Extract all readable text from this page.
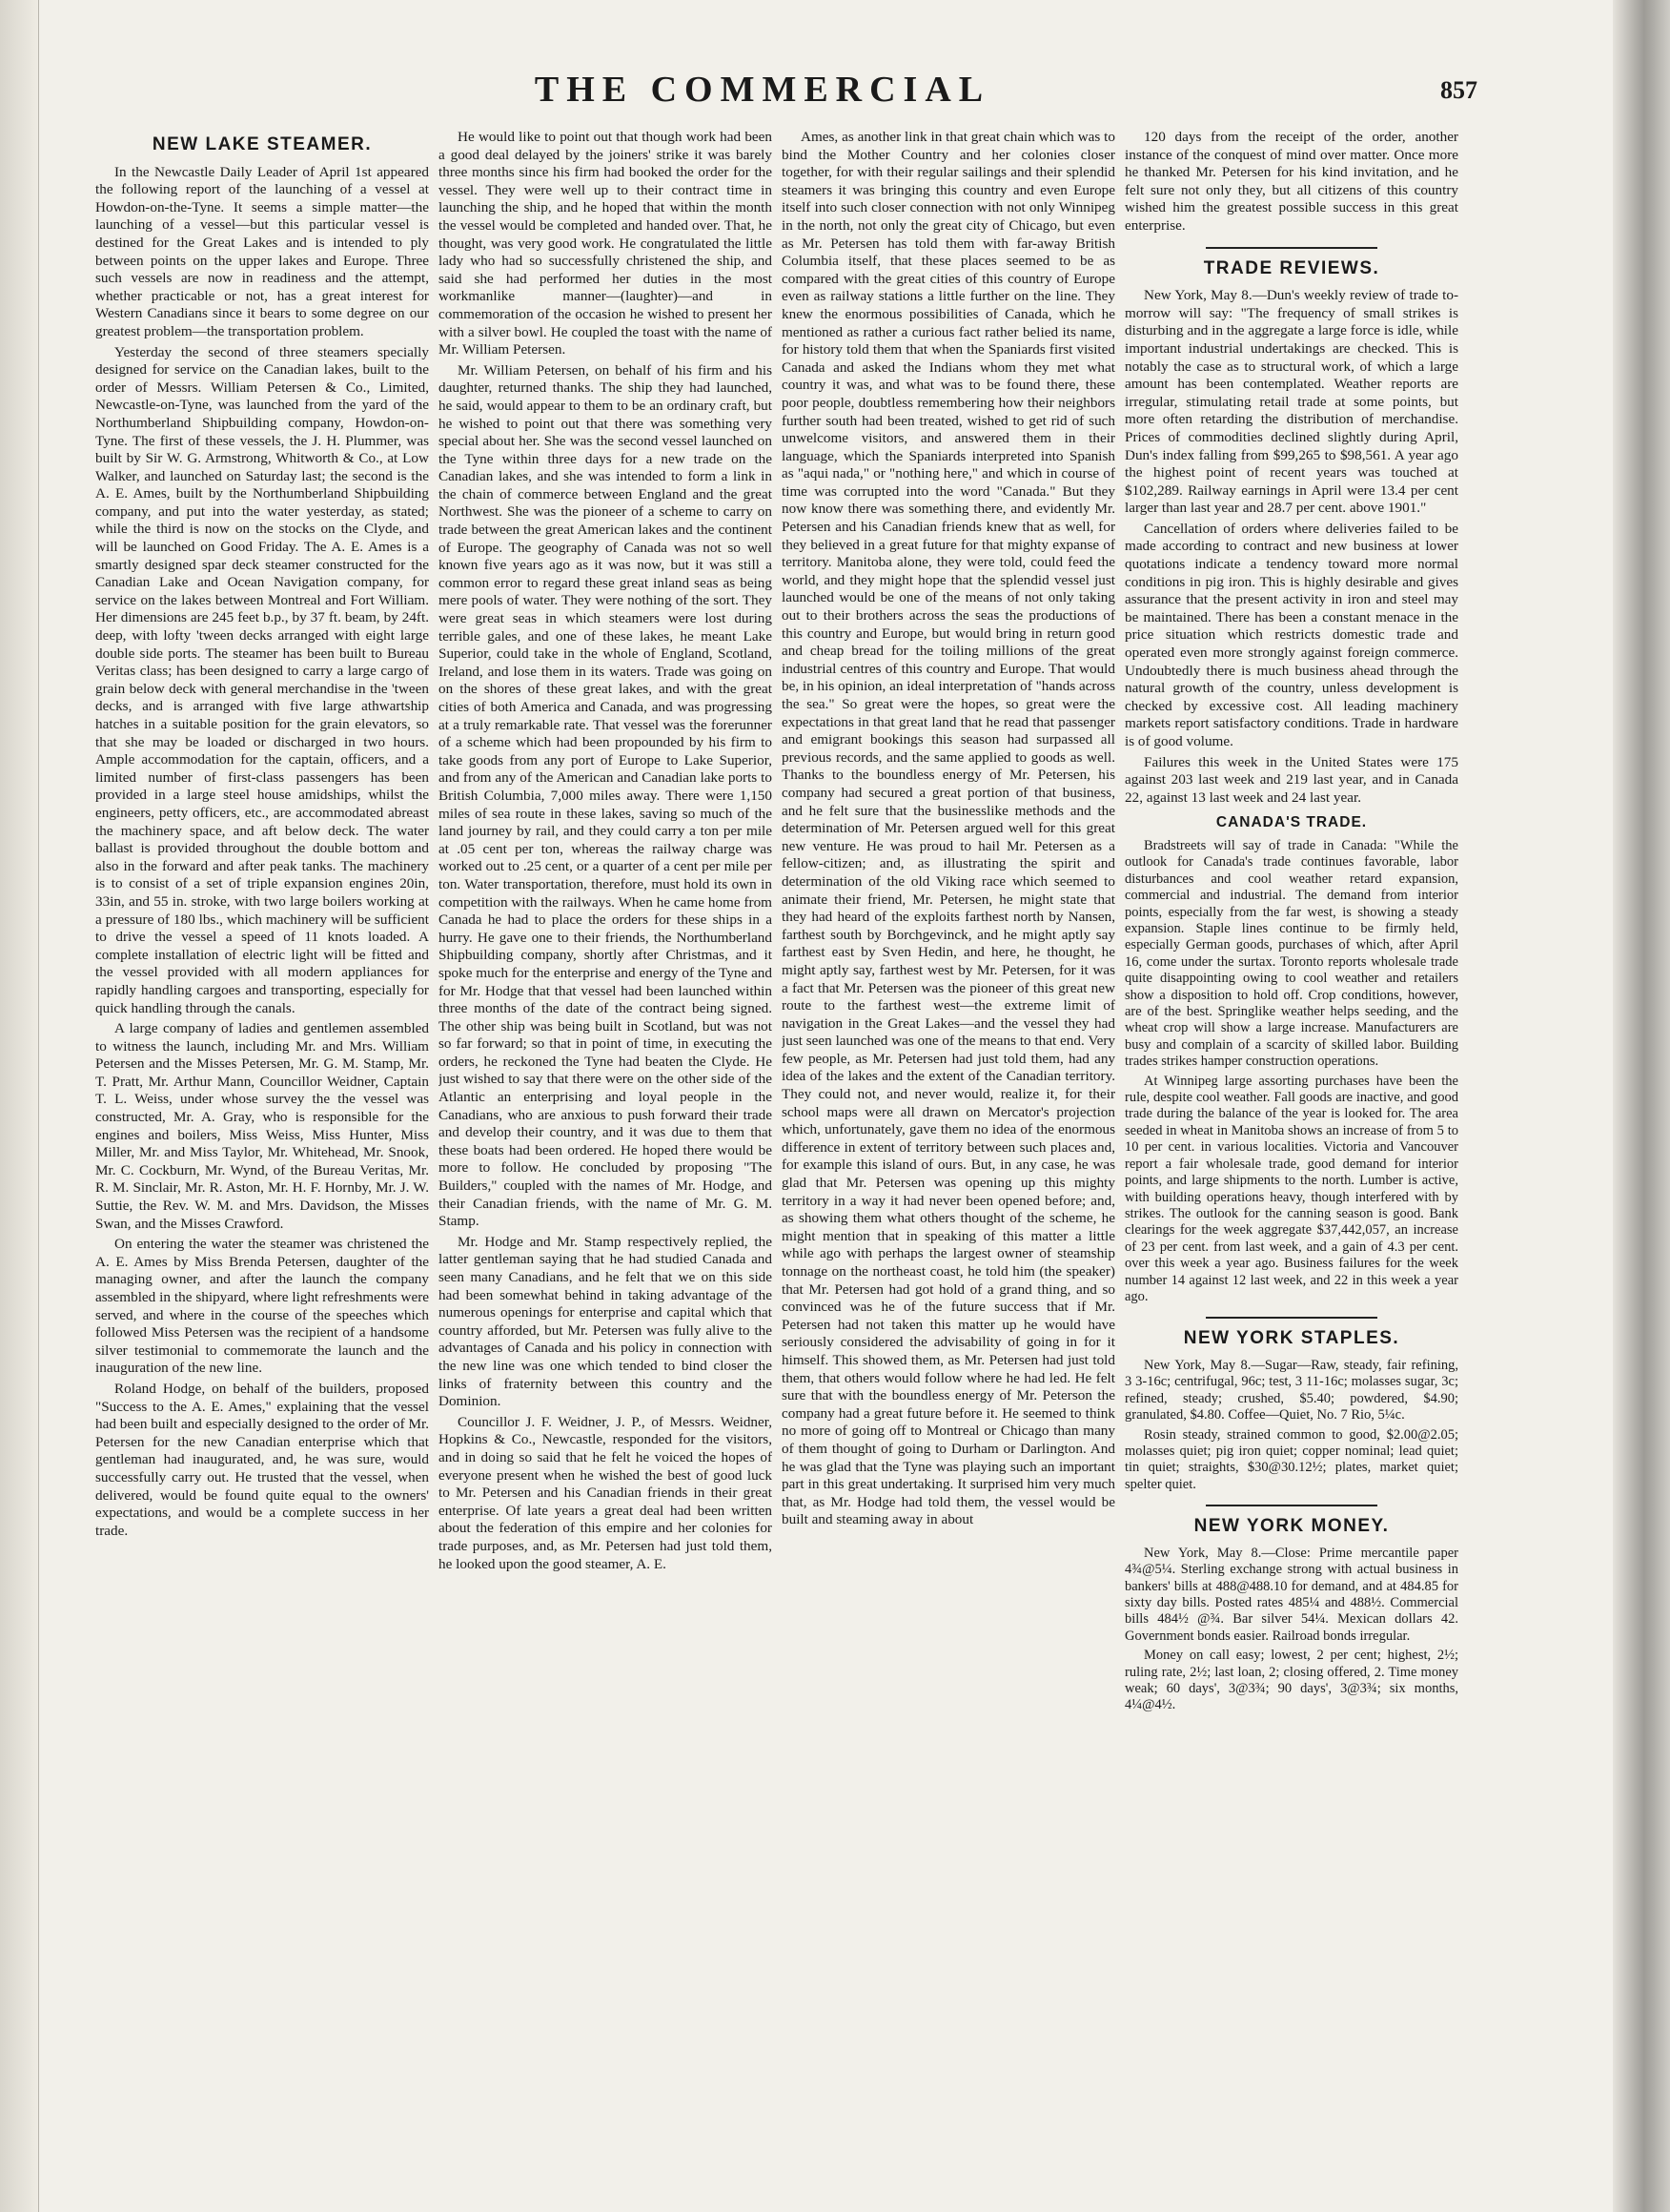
THE COMMERCIAL	857
NEW LAKE STEAMER.

In the Newcastle Daily Leader of April 1st appeared the following report of the launching of a vessel at Howdon-on-the-Tyne. It seems a simple matter—the launching of a vessel—but this particular vessel is destined for the Great Lakes and is intended to ply between points on the upper lakes and Europe. Three such vessels are now in readiness and the attempt, whether practicable or not, has a great interest for Western Canadians since it bears to some degree on our greatest problem—the transportation problem.

Yesterday the second of three steamers specially designed for service on the Canadian lakes, built to the order of Messrs. William Petersen & Co., Limited, Newcastle-on-Tyne, was launched from the yard of the Northumberland Shipbuilding company, Howdon-on-Tyne. The first of these vessels, the J. H. Plummer, was built by Sir W. G. Armstrong, Whitworth & Co., at Low Walker, and launched on Saturday last; the second is the A. E. Ames, built by the Northumberland Shipbuilding company, and put into the water yesterday, as stated; while the third is now on the stocks on the Clyde, and will be launched on Good Friday. The A. E. Ames is a smartly designed spar deck steamer constructed for the Canadian Lake and Ocean Navigation company, for service on the lakes between Montreal and Fort William. Her dimensions are 245 feet b.p., by 37 ft. beam, by 24ft. deep, with lofty 'tween decks arranged with eight large double side ports. The steamer has been built to Bureau Veritas class; has been designed to carry a large cargo of grain below deck with general merchandise in the 'tween decks, and is arranged with five large athwartship hatches in a suitable position for the grain elevators, so that she may be loaded or discharged in two hours. Ample accommodation for the captain, officers, and a limited number of first-class passengers has been provided in a large steel house amidships, whilst the engineers, petty officers, etc., are accommodated abreast the machinery space, and aft below deck. The water ballast is provided throughout the double bottom and also in the forward and after peak tanks. The machinery is to consist of a set of triple expansion engines 20in, 33in, and 55 in. stroke, with two large boilers working at a pressure of 180 lbs., which machinery will be sufficient to drive the vessel a speed of 11 knots loaded. A complete installation of electric light will be fitted and the vessel provided with all modern appliances for rapidly handling cargoes and transporting, especially for quick handling through the canals.

A large company of ladies and gentlemen assembled to witness the launch, including Mr. and Mrs. William Petersen and the Misses Petersen, Mr. G. M. Stamp, Mr. T. Pratt, Mr. Arthur Mann, Councillor Weidner, Captain T. L. Weiss, under whose survey the the vessel was constructed, Mr. A. Gray, who is responsible for the engines and boilers, Miss Weiss, Miss Hunter, Miss Miller, Mr. and Miss Taylor, Mr. Whitehead, Mr. Snook, Mr. C. Cockburn, Mr. Wynd, of the Bureau Veritas, Mr. R. M. Sinclair, Mr. R. Aston, Mr. H. F. Hornby, Mr. J. W. Suttie, the Rev. W. M. and Mrs. Davidson, the Misses Swan, and the Misses Crawford.

On entering the water the steamer was christened the A. E. Ames by Miss Brenda Petersen, daughter of the managing owner, and after the launch the company assembled in the shipyard, where light refreshments were served, and where in the course of the speeches which followed Miss Petersen was the recipient of a handsome silver testimonial to commemorate the launch and the inauguration of the new line.

Roland Hodge, on behalf of the builders, proposed "Success to the A. E. Ames," explaining that the vessel had been built and especially designed to the order of Mr. Petersen for the new Canadian enterprise which that gentleman had inaugurated, and, he was sure, would successfully carry out. He trusted that the vessel, when delivered, would be found quite equal to the owners' expectations, and would be a complete success in her trade.

He would like to point out that though work had been a good deal delayed by the joiners' strike it was barely three months since his firm had booked the order for the vessel. They were well up to their contract time in launching the ship, and he hoped that within the month the vessel would be completed and handed over. That, he thought, was very good work. He congratulated the little lady who had so successfully christened the ship, and said she had performed her duties in the most workmanlike manner—(laughter)—and in commemoration of the occasion he wished to present her with a silver bowl. He coupled the toast with the name of Mr. William Petersen.

Mr. William Petersen, on behalf of his firm and his daughter, returned thanks. The ship they had launched, he said, would appear to them to be an ordinary craft, but he wished to point out that there was something very special about her. She was the second vessel launched on the Tyne within three days for a new trade on the Canadian lakes, and she was intended to form a link in the chain of commerce between England and the great Northwest. She was the pioneer of a scheme to carry on trade between the great American lakes and the continent of Europe. The geography of Canada was not so well known five years ago as it was now, but it was still a common error to regard these great inland seas as being mere pools of water. They were nothing of the sort. They were great seas in which steamers were lost during terrible gales, and one of these lakes, he meant Lake Superior, could take in the whole of England, Scotland, Ireland, and lose them in its waters. Trade was going on on the shores of these great lakes, and with the great cities of both America and Canada, and was progressing at a truly remarkable rate. That vessel was the forerunner of a scheme which had been propounded by his firm to take goods from any port of Europe to Lake Superior, and from any of the American and Canadian lake ports to British Columbia, 7,000 miles away. There were 1,150 miles of sea route in these lakes, saving so much of the land journey by rail, and they could carry a ton per mile at .05 cent per ton, whereas the railway charge was worked out to .25 cent, or a quarter of a cent per mile per ton. Water transportation, therefore, must hold its own in competition with the railways. When he came home from Canada he had to place the orders for these ships in a hurry. He gave one to their friends, the Northumberland Shipbuilding company, shortly after Christmas, and it spoke much for the enterprise and energy of the Tyne and for Mr. Hodge that that vessel had been launched within three months of the date of the contract being signed. The other ship was being built in Scotland, but was not so far forward; so that in point of time, in executing the orders, he reckoned the Tyne had beaten the Clyde. He just wished to say that there were on the other side of the Atlantic an enterprising and loyal people in the Canadians, who are anxious to push forward their trade and develop their country, and it was due to them that these boats had been ordered. He hoped there would be more to follow. He concluded by proposing "The Builders," coupled with the names of Mr. Hodge, and their Canadian friends, with the name of Mr. G. M. Stamp.

Mr. Hodge and Mr. Stamp respectively replied, the latter gentleman saying that he had studied Canada and seen many Canadians, and he felt that we on this side had been somewhat behind in taking advantage of the numerous openings for enterprise and capital which that country afforded, but Mr. Petersen was fully alive to the advantages of Canada and his policy in connection with the new line was one which tended to bind closer the links of fraternity between this country and the Dominion.

Councillor J. F. Weidner, J. P., of Messrs. Weidner, Hopkins & Co., Newcastle, responded for the visitors, and in doing so said that he felt he voiced the hopes of everyone present when he wished the best of good luck to Mr. Petersen and his Canadian friends in their great enterprise. Of late years a great deal had been written about the federation of this empire and her colonies for trade purposes, and, as Mr. Petersen had just told them, he looked upon the good steamer, A. E.

Ames, as another link in that great chain which was to bind the Mother Country and her colonies closer together, for with their regular sailings and their splendid steamers it was bringing this country and even Europe itself into such closer connection with not only Winnipeg in the north, not only the great city of Chicago, but even as Mr. Petersen has told them with far-away British Columbia itself, that these places seemed to be as compared with the great cities of this country of Europe even as railway stations a little further on the line. They knew the enormous possibilities of Canada, which he mentioned as rather a curious fact rather belied its name, for history told them that when the Spaniards first visited Canada and asked the Indians whom they met what country it was, and what was to be found there, these poor people, doubtless remembering how their neighbors further south had been treated, wished to get rid of such unwelcome visitors, and answered them in their language, which the Spaniards interpreted into Spanish as "aqui nada," or "nothing here," and which in course of time was corrupted into the word "Canada." But they now know there was something there, and evidently Mr. Petersen and his Canadian friends knew that as well, for they believed in a great future for that mighty expanse of territory. Manitoba alone, they were told, could feed the world, and they might hope that the splendid vessel just launched would be one of the means of not only taking out to their brothers across the seas the productions of this country and Europe, but would bring in return good and cheap bread for the toiling millions of the great industrial centres of this country and Europe. That would be, in his opinion, an ideal interpretation of "hands across the sea." So great were the hopes, so great were the expectations in that great land that he read that passenger and emigrant bookings this season had surpassed all previous records, and the same applied to goods as well. Thanks to the boundless energy of Mr. Petersen, his company had secured a great portion of that business, and he felt sure that the businesslike methods and the determination of Mr. Petersen argued well for this great new venture. He was proud to hail Mr. Petersen as a fellow-citizen; and, as illustrating the spirit and determination of the old Viking race which seemed to animate their friend, Mr. Petersen, he might state that they had heard of the exploits farthest north by Nansen, farthest south by Borchgevinck, and he might aptly say farthest east by Sven Hedin, and here, he thought, he might aptly say, farthest west by Mr. Petersen, for it was a fact that Mr. Petersen was the pioneer of this great new route to the farthest west—the extreme limit of navigation in the Great Lakes—and the vessel they had just seen launched was one of the means to that end. Very few people, as Mr. Petersen had just told them, had any idea of the lakes and the extent of the Canadian territory. They could not, and never would, realize it, for their school maps were all drawn on Mercator's projection which, unfortunately, gave them no idea of the enormous difference in extent of territory between such places and, for example this island of ours. But, in any case, he was glad that Mr. Petersen was opening up this mighty territory in a way it had never been opened before; and, as showing them what others thought of the scheme, he might mention that in speaking of this matter a little while ago with perhaps the largest owner of steamship tonnage on the northeast coast, he told him (the speaker) that Mr. Petersen had got hold of a grand thing, and so convinced was he of the future success that if Mr. Petersen had not taken this matter up he would have seriously considered the advisability of going in for it himself. This showed them, as Mr. Petersen had just told them, that others would follow where he had led. He felt sure that with the boundless energy of Mr. Peterson the company had a great future before it. He seemed to think no more of going off to Montreal or Chicago than many of them thought of going to Durham or Darlington. And he was glad that the Tyne was playing such an important part in this great undertaking. It surprised him very much that, as Mr. Hodge had told them, the vessel would be built and steaming away in about

120 days from the receipt of the order, another instance of the conquest of mind over matter. Once more he thanked Mr. Petersen for his kind invitation, and he felt sure not only they, but all citizens of this country wished him the greatest possible success in this great enterprise.

TRADE REVIEWS.

New York, May 8.—Dun's weekly review of trade to-morrow will say: "The frequency of small strikes is disturbing and in the aggregate a large force is idle, while important industrial undertakings are checked. This is notably the case as to structural work, of which a large amount has been contemplated. Weather reports are irregular, stimulating retail trade at some points, but more often retarding the distribution of merchandise. Prices of commodities declined slightly during April, Dun's index falling from $99,265 to $98,561. A year ago the highest point of recent years was touched at $102,289. Railway earnings in April were 13.4 per cent larger than last year and 28.7 per cent. above 1901."

Cancellation of orders where deliveries failed to be made according to contract and new business at lower quotations indicate a tendency toward more normal conditions in pig iron. This is highly desirable and gives assurance that the present activity in iron and steel may be maintained. There has been a constant menace in the price situation which restricts domestic trade and operated even more strongly against foreign commerce. Undoubtedly there is much business ahead through the natural growth of the country, unless development is checked by excessive cost. All leading machinery markets report satisfactory conditions. Trade in hardware is of good volume.

Failures this week in the United States were 175 against 203 last week and 219 last year, and in Canada 22, against 13 last week and 24 last year.

CANADA'S TRADE.

Bradstreets will say of trade in Canada: "While the outlook for Canada's trade continues favorable, labor disturbances and cool weather retard expansion, commercial and industrial. The demand from interior points, especially from the far west, is showing a steady expansion. Staple lines continue to be firmly held, especially German goods, purchases of which, after April 16, come under the surtax. Toronto reports wholesale trade quite disappointing owing to cool weather and retailers show a disposition to hold off. Crop conditions, however, are of the best. Springlike weather helps seeding, and the wheat crop will show a large increase. Manufacturers are busy and complain of a scarcity of skilled labor. Building trades strikes hamper construction operations.

At Winnipeg large assorting purchases have been the rule, despite cool weather. Fall goods are inactive, and good trade during the balance of the year is looked for. The area seeded in wheat in Manitoba shows an increase of from 5 to 10 per cent. in various localities. Victoria and Vancouver report a fair wholesale trade, good demand for interior points, and large shipments to the north. Lumber is active, with building operations heavy, though interfered with by strikes. The outlook for the canning season is good. Bank clearings for the week aggregate $37,442,057, an increase of 23 per cent. from last week, and a gain of 4.3 per cent. over this week a year ago. Business failures for the week number 14 against 12 last week, and 22 in this week a year ago.

NEW YORK STAPLES.

New York, May 8.—Sugar—Raw, steady, fair refining, 3 3-16c; centrifugal, 96c; test, 3 11-16c; molasses sugar, 3c; refined, steady; crushed, $5.40; powdered, $4.90; granulated, $4.80. Coffee—Quiet, No. 7 Rio, 5¼c.

Rosin steady, strained common to good, $2.00@2.05; molasses quiet; pig iron quiet; copper nominal; lead quiet; tin quiet; straights, $30@30.12½; plates, market quiet; spelter quiet.

NEW YORK MONEY.

New York, May 8.—Close: Prime mercantile paper 4¾@5¼. Sterling exchange strong with actual business in bankers' bills at 488@488.10 for demand, and at 484.85 for sixty day bills. Posted rates 485¼ and 488½. Commercial bills 484½ @¾. Bar silver 54¼. Mexican dollars 42. Government bonds easier. Railroad bonds irregular.

Money on call easy; lowest, 2 per cent; highest, 2½; ruling rate, 2½; last loan, 2; closing offered, 2. Time money weak; 60 days', 3@3¾; 90 days', 3@3¾; six months, 4¼@4½.
